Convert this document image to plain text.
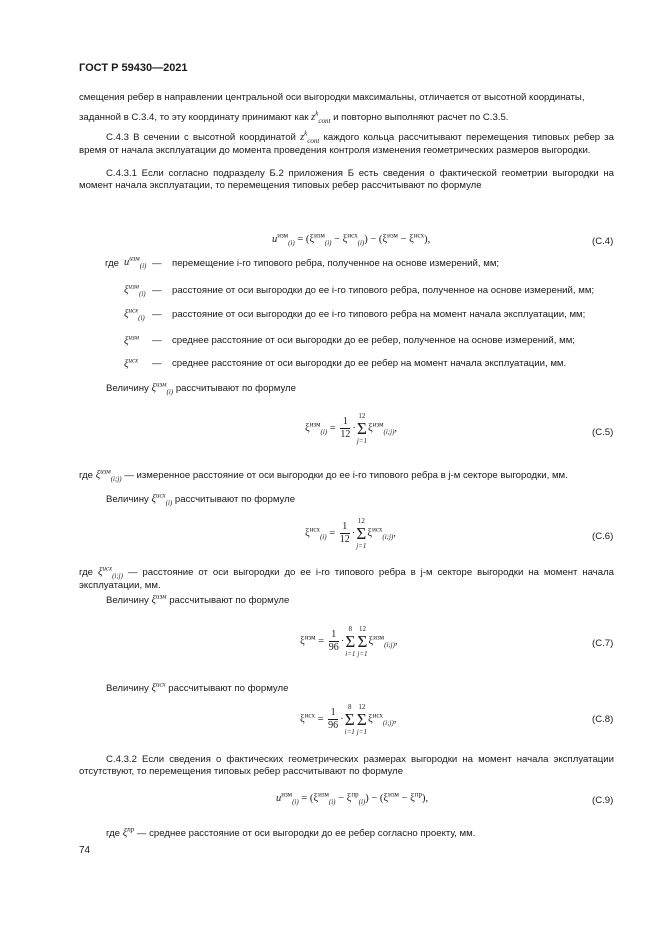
ГОСТ Р 59430—2021
смещения ребер в направлении центральной оси выгородки максимальны, отличается от высотной координаты,
заданной в С.3.4, то эту координату принимают как $z^k_{cont}$ и повторно выполняют расчет по С.3.5.
С.4.3 В сечении с высотной координатой $z^k_{cont}$ каждого кольца рассчитывают перемещения типовых ребер за время от начала эксплуатации до момента проведения контроля изменения геометрических размеров выгородки.
С.4.3.1 Если согласно подразделу Б.2 приложения Б есть сведения о фактической геометрии выгородки на момент начала эксплуатации, то перемещения типовых ребер рассчитывают по формуле
$u^{изм}_{(i)} = (\xi^{изм}_{(i)} - \xi^{исх}_{(i)}) - (\xi^{изм} - \xi^{исх})$,	(С.4)
где $u^{изм}_{(i)}$ — перемещение i-го типового ребра, полученное на основе измерений, мм;
$\xi^{изм}_{(i)}$ — расстояние от оси выгородки до ее i-го типового ребра, полученное на основе измерений, мм;
$\xi^{исх}_{(i)}$ — расстояние от оси выгородки до ее i-го типового ребра на момент начала эксплуатации, мм;
$\xi^{изм}$ — среднее расстояние от оси выгородки до ее ребер, полученное на основе измерений, мм;
$\xi^{исх}$ — среднее расстояние от оси выгородки до ее ребер на момент начала эксплуатации, мм.
Величину $\xi^{изм}_{(i)}$ рассчитывают по формуле
$\xi^{изм}_{(i)} = \frac{1}{12}$ ·
12
Σ
j=1
$\xi^{изм}_{(i;j)}$,	(С.5)
где $\xi^{изм}_{(i;j)}$ — измеренное расстояние от оси выгородки до ее i-го типового ребра в j-м секторе выгородки, мм.
Величину $\xi^{исх}_{(i)}$ рассчитывают по формуле
$\xi^{исх}_{(i)} = \frac{1}{12}$ ·
12
Σ
j=1
$\xi^{исх}_{(i;j)}$,	(С.6)
где $\xi^{исх}_{(i;j)}$ — расстояние от оси выгородки до ее i-го типового ребра в j-м секторе выгородки на момент начала эксплуатации, мм.
Величину $\xi^{изм}$ рассчитывают по формуле
$\xi^{изм} = \frac{1}{96}$ ·
8
Σ
i=1
12
Σ
j=1
$\xi^{изм}_{(i;j)}$,	(С.7)
Величину $\xi^{исх}$ рассчитывают по формуле
$\xi^{исх} = \frac{1}{96}$ ·
8
Σ
i=1
12
Σ
j=1
$\xi^{исх}_{(i;j)}$,	(С.8)
С.4.3.2 Если сведения о фактических геометрических размерах выгородки на момент начала эксплуатации отсутствуют, то перемещения типовых ребер рассчитывают по формуле
$u^{изм}_{(i)} = (\xi^{изм}_{(i)} - \xi^{пр}_{(i)}) - (\xi^{изм} - \xi^{пр})$,	(С.9)
где $\xi^{пр}$ — среднее расстояние от оси выгородки до ее ребер согласно проекту, мм.
74
